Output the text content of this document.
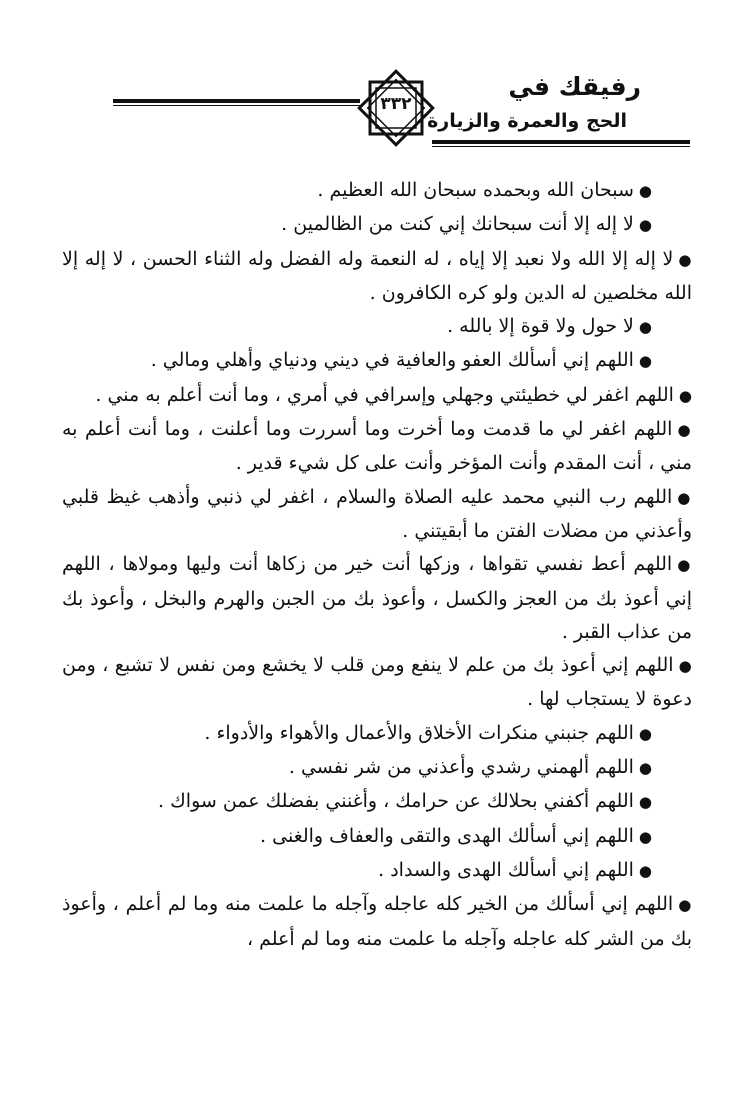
رفيقك في
٣٣٢
الحج والعمرة والزيارة

●سبحان الله وبحمده سبحان الله العظيم .

●لا إله إلا أنت سبحانك إني كنت من الظالمين .

●لا إله إلا الله ولا نعبد إلا إياه ، له النعمة وله الفضل وله الثناء الحسن ، لا إله إلا الله مخلصين له الدين ولو كره الكافرون .

●لا حول ولا قوة إلا بالله .

●اللهم إني أسألك العفو والعافية في ديني ودنياي وأهلي ومالي .

●اللهم اغفر لي خطيئتي وجهلي وإسرافي في أمري ، وما أنت أعلم به مني .

●اللهم اغفر لي ما قدمت وما أخرت وما أسررت وما أعلنت ، وما أنت أعلم به مني ، أنت المقدم وأنت المؤخر وأنت على كل شيء قدير .

●اللهم رب النبي محمد عليه الصلاة والسلام ، اغفر لي ذنبي وأذهب غيظ قلبي وأعذني من مضلات الفتن ما أبقيتني .

●اللهم أعط نفسي تقواها ، وزكها أنت خير من زكاها أنت وليها ومولاها ، اللهم إني أعوذ بك من العجز والكسل ، وأعوذ بك من الجبن والهرم والبخل ، وأعوذ بك من عذاب القبر .

●اللهم إني أعوذ بك من علم لا ينفع ومن قلب لا يخشع ومن نفس لا تشبع ، ومن دعوة لا يستجاب لها .

●اللهم جنبني منكرات الأخلاق والأعمال والأهواء والأدواء .

●اللهم ألهمني رشدي وأعذني من شر نفسي .

●اللهم أكفني بحلالك عن حرامك ، وأغنني بفضلك عمن سواك .

●اللهم إني أسألك الهدى والتقى والعفاف والغنى .

●اللهم إني أسألك الهدى والسداد .

●اللهم إني أسألك من الخير كله عاجله وآجله ما علمت منه وما لم أعلم ، وأعوذ بك من الشر كله عاجله وآجله ما علمت منه وما لم أعلم ،
